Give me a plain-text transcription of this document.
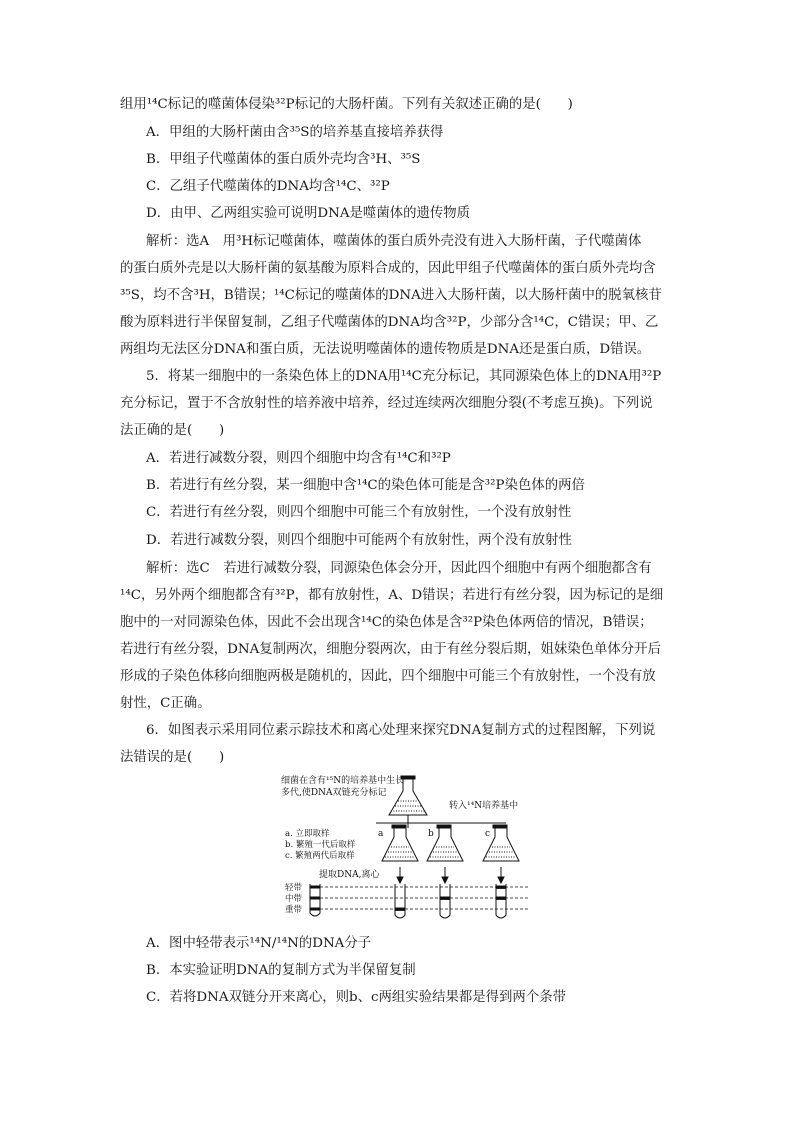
组用¹⁴C标记的噬菌体侵染³²P标记的大肠杆菌。下列有关叙述正确的是(　　)
A．甲组的大肠杆菌由含³⁵S的培养基直接培养获得
B．甲组子代噬菌体的蛋白质外壳均含³H、³⁵S
C．乙组子代噬菌体的DNA均含¹⁴C、³²P
D．由甲、乙两组实验可说明DNA是噬菌体的遗传物质
解析：选A　用³H标记噬菌体，噬菌体的蛋白质外壳没有进入大肠杆菌，子代噬菌体
的蛋白质外壳是以大肠杆菌的氨基酸为原料合成的，因此甲组子代噬菌体的蛋白质外壳均含
³⁵S，均不含³H，B错误；¹⁴C标记的噬菌体的DNA进入大肠杆菌，以大肠杆菌中的脱氧核苷
酸为原料进行半保留复制，乙组子代噬菌体的DNA均含³²P，少部分含¹⁴C，C错误；甲、乙
两组均无法区分DNA和蛋白质，无法说明噬菌体的遗传物质是DNA还是蛋白质，D错误。
5．将某一细胞中的一条染色体上的DNA用¹⁴C充分标记，其同源染色体上的DNA用³²P
充分标记，置于不含放射性的培养液中培养，经过连续两次细胞分裂(不考虑互换)。下列说
法正确的是(　　)
A．若进行减数分裂，则四个细胞中均含有¹⁴C和³²P
B．若进行有丝分裂，某一细胞中含¹⁴C的染色体可能是含³²P染色体的两倍
C．若进行有丝分裂，则四个细胞中可能三个有放射性，一个没有放射性
D．若进行减数分裂，则四个细胞中可能两个有放射性，两个没有放射性
解析：选C　若进行减数分裂，同源染色体会分开，因此四个细胞中有两个细胞都含有
¹⁴C，另外两个细胞都含有³²P，都有放射性，A、D错误；若进行有丝分裂，因为标记的是细
胞中的一对同源染色体，因此不会出现含¹⁴C的染色体是含³²P染色体两倍的情况，B错误；
若进行有丝分裂，DNA复制两次，细胞分裂两次，由于有丝分裂后期，姐妹染色单体分开后
形成的子染色体移向细胞两极是随机的，因此，四个细胞中可能三个有放射性，一个没有放
射性，C正确。
6．如图表示采用同位素示踪技术和离心处理来探究DNA复制方式的过程图解，下列说
法错误的是(　　)
细菌在含有¹⁵N的培养基中生长
多代,使DNA双链充分标记
转入¹⁴N培养基中
a. 立即取样
b. 繁殖一代后取样
c. 繁殖两代后取样
a	b	c
提取DNA,离心
轻带
中带
重带
A．图中轻带表示¹⁴N/¹⁴N的DNA分子
B．本实验证明DNA的复制方式为半保留复制
C．若将DNA双链分开来离心，则b、c两组实验结果都是得到两个条带
